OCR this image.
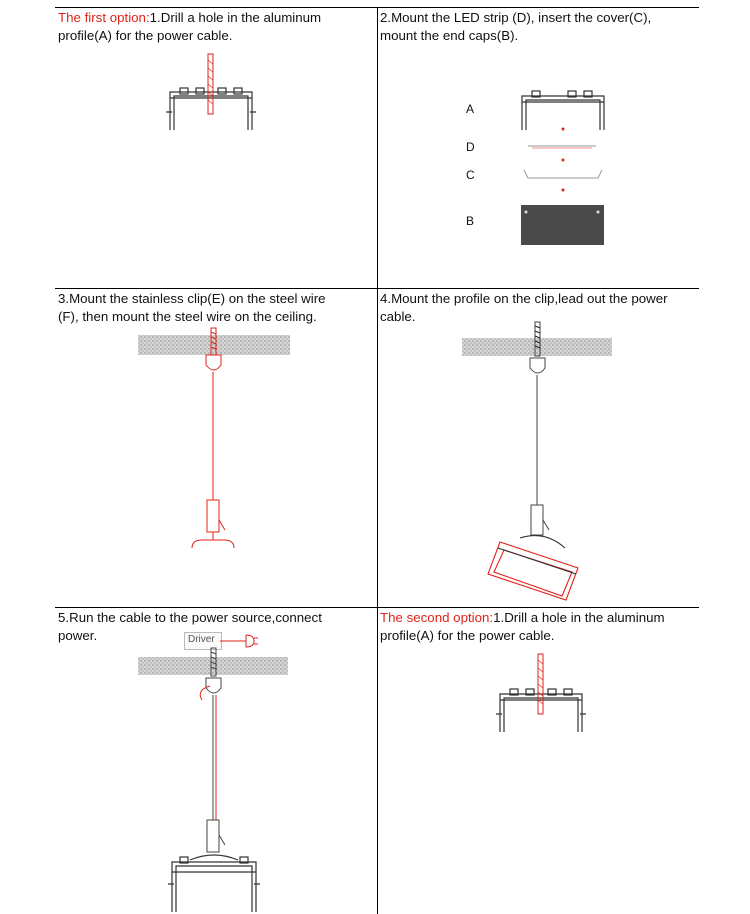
The first option:1.Drill a hole in the aluminum
profile(A) for the power cable.
2.Mount the LED strip (D), insert the cover(C),
mount the end caps(B).
3.Mount the stainless clip(E) on the steel wire
(F), then mount the steel wire on the ceiling.
4.Mount the profile on the clip,lead out the power
cable.
5.Run the cable to the power source,connect
power.
The second option:1.Drill a hole in the aluminum
profile(A) for the power cable.
A
D
C
B
Driver
